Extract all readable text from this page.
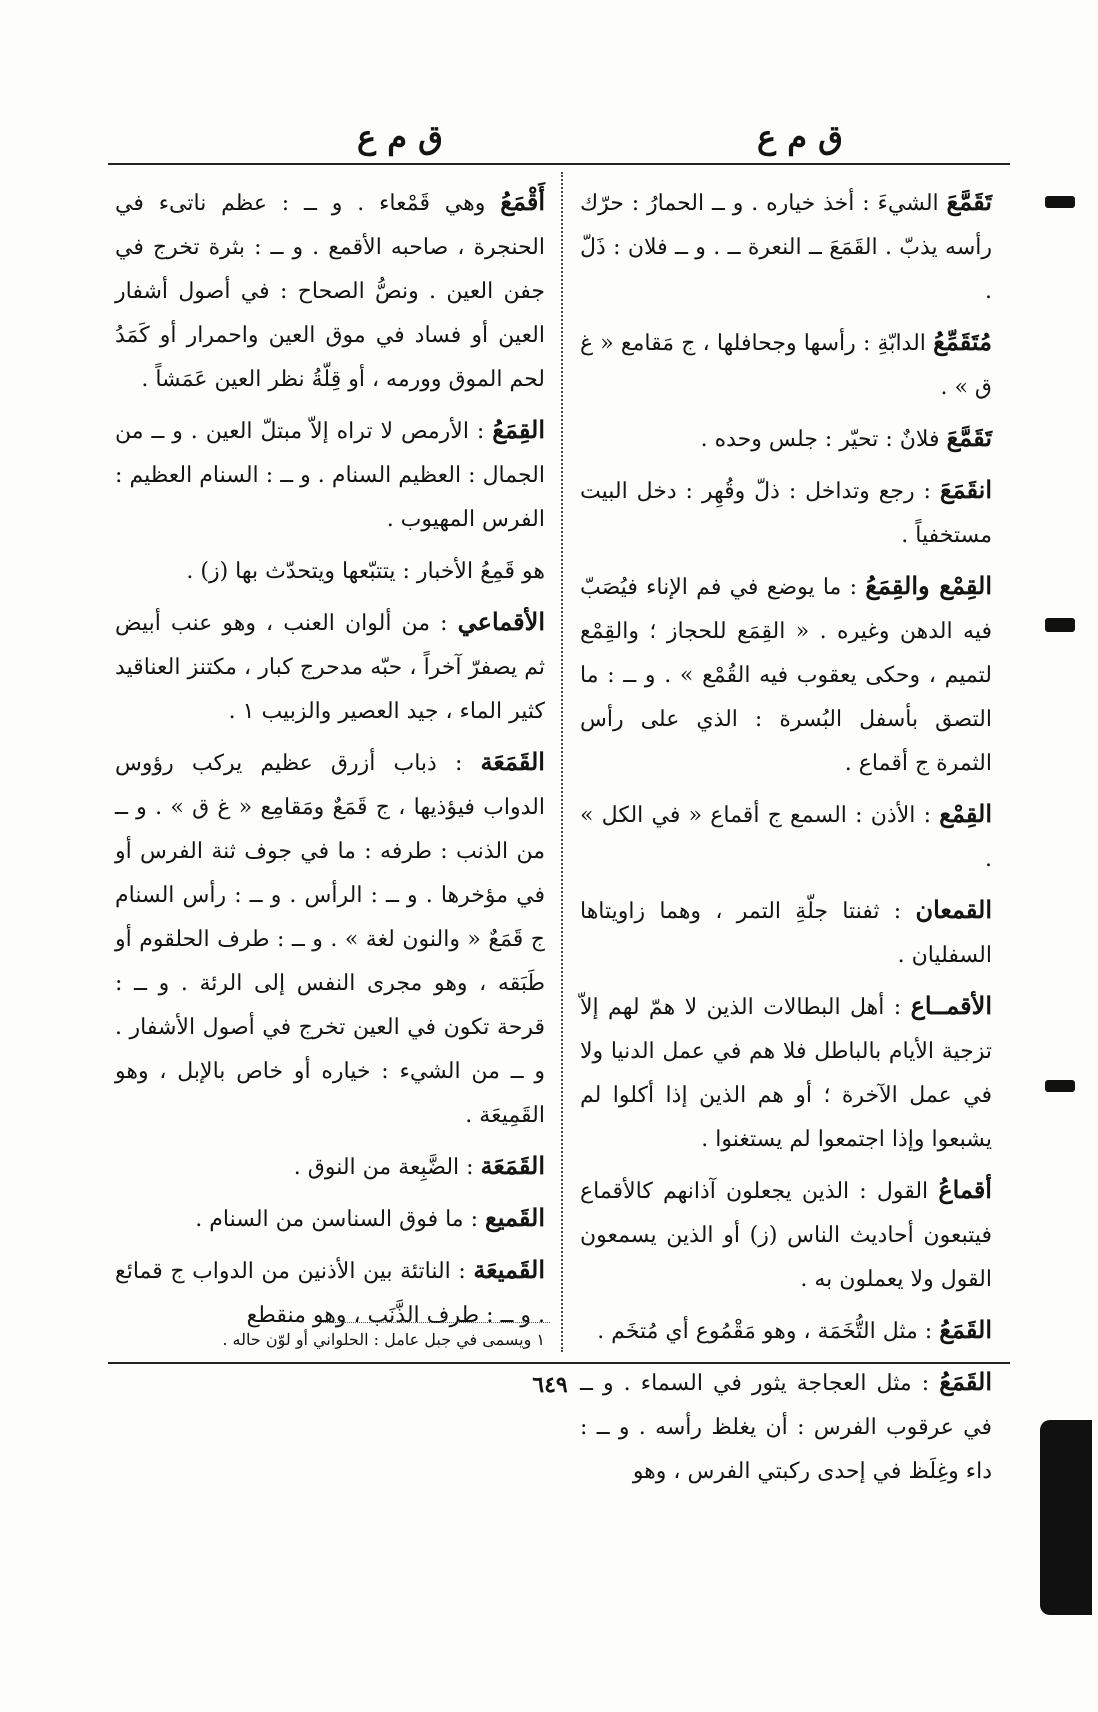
ق م ع
ق م ع

تَقَمَّعَ الشيءَ : أخذ خياره . و ــ الحمارُ : حرّك رأسه يذبّ . القَمَعَ ــ النعرة ــ . و ــ فلان : ذَلّ .

مُتَقَمِّعُ الدابّةِ : رأسها وجحافلها ، ج مَقامع « غ ق » .

تَقَمَّعَ فلانٌ : تحيّر : جلس وحده .

انقَمَعَ : رجع وتداخل : ذلّ وقُهِر : دخل البيت مستخفياً .

القِمْع والقِمَعُ : ما يوضع في فم الإناء فيُصَبّ فيه الدهن وغيره . « القِمَع للحجاز ؛ والقِمْع لتميم ، وحكى يعقوب فيه القُمْع » . و ــ : ما التصق بأسفل البُسرة : الذي على رأس الثمرة ج أقماع .

القِمْع : الأذن : السمع ج أقماع « في الكل » .

القمعان : ثفنتا جلّةِ التمر ، وهما زاويتاها السفليان .

الأقمــاع : أهل البطالات الذين لا همّ لهم إلاّ تزجية الأيام بالباطل فلا هم في عمل الدنيا ولا في عمل الآخرة ؛ أو هم الذين إذا أكلوا لم يشبعوا وإذا اجتمعوا لم يستغنوا .

أقماعُ القول : الذين يجعلون آذانهم كالأقماع فيتبعون أحاديث الناس (ز) أو الذين يسمعون القول ولا يعملون به .

القَمَعُ : مثل التُّخَمَة ، وهو مَقْمُوع أي مُتخَم .

القَمَعُ : مثل العجاجة يثور في السماء . و ــ في عرقوب الفرس : أن يغلظ رأسه . و ــ : داء وغِلَظ في إحدى ركبتي الفرس ، وهو

أَقْمَعُ وهي قَمْعاء . و ــ : عظم ناتىء في الحنجرة ، صاحبه الأقمع . و ــ : بثرة تخرج في جفن العين . ونصُّ الصحاح : في أصول أشفار العين أو فساد في موق العين واحمرار أو كَمَدُ لحم الموق وورمه ، أو قِلّةُ نظر العين عَمَشاً .

القِمَعُ : الأرمص لا تراه إلاّ مبتلّ العين . و ــ من الجمال : العظيم السنام . و ــ : السنام العظيم : الفرس المهيوب .

هو قَمِعُ الأخبار : يتتبّعها ويتحدّث بها (ز) .

الأقماعي : من ألوان العنب ، وهو عنب أبيض ثم يصفرّ آخراً ، حبّه مدحرج كبار ، مكتنز العناقيد كثير الماء ، جيد العصير والزبيب ١ .

القَمَعَة : ذباب أزرق عظيم يركب رؤوس الدواب فيؤذيها ، ج قَمَعٌ ومَقامِع « غ ق » . و ــ من الذنب : طرفه : ما في جوف ثنة الفرس أو في مؤخرها . و ــ : الرأس . و ــ : رأس السنام ج قَمَعٌ « والنون لغة » . و ــ : طرف الحلقوم أو طَبَقه ، وهو مجرى النفس إلى الرئة . و ــ : قرحة تكون في العين تخرج في أصول الأشفار . و ــ من الشيء : خياره أو خاص بالإبل ، وهو القَمِيعَة .

القَمَعَة : الضَّبِعة من النوق .

القَميع : ما فوق السناسن من السنام .

القَميعَة : الناتئة بين الأذنين من الدواب ج قمائع . و ــ : طرف الذَّنَب ، وهو منقطع

١ ويسمى في جبل عامل : الحلواني أو لوّن حاله .
٦٤٩
